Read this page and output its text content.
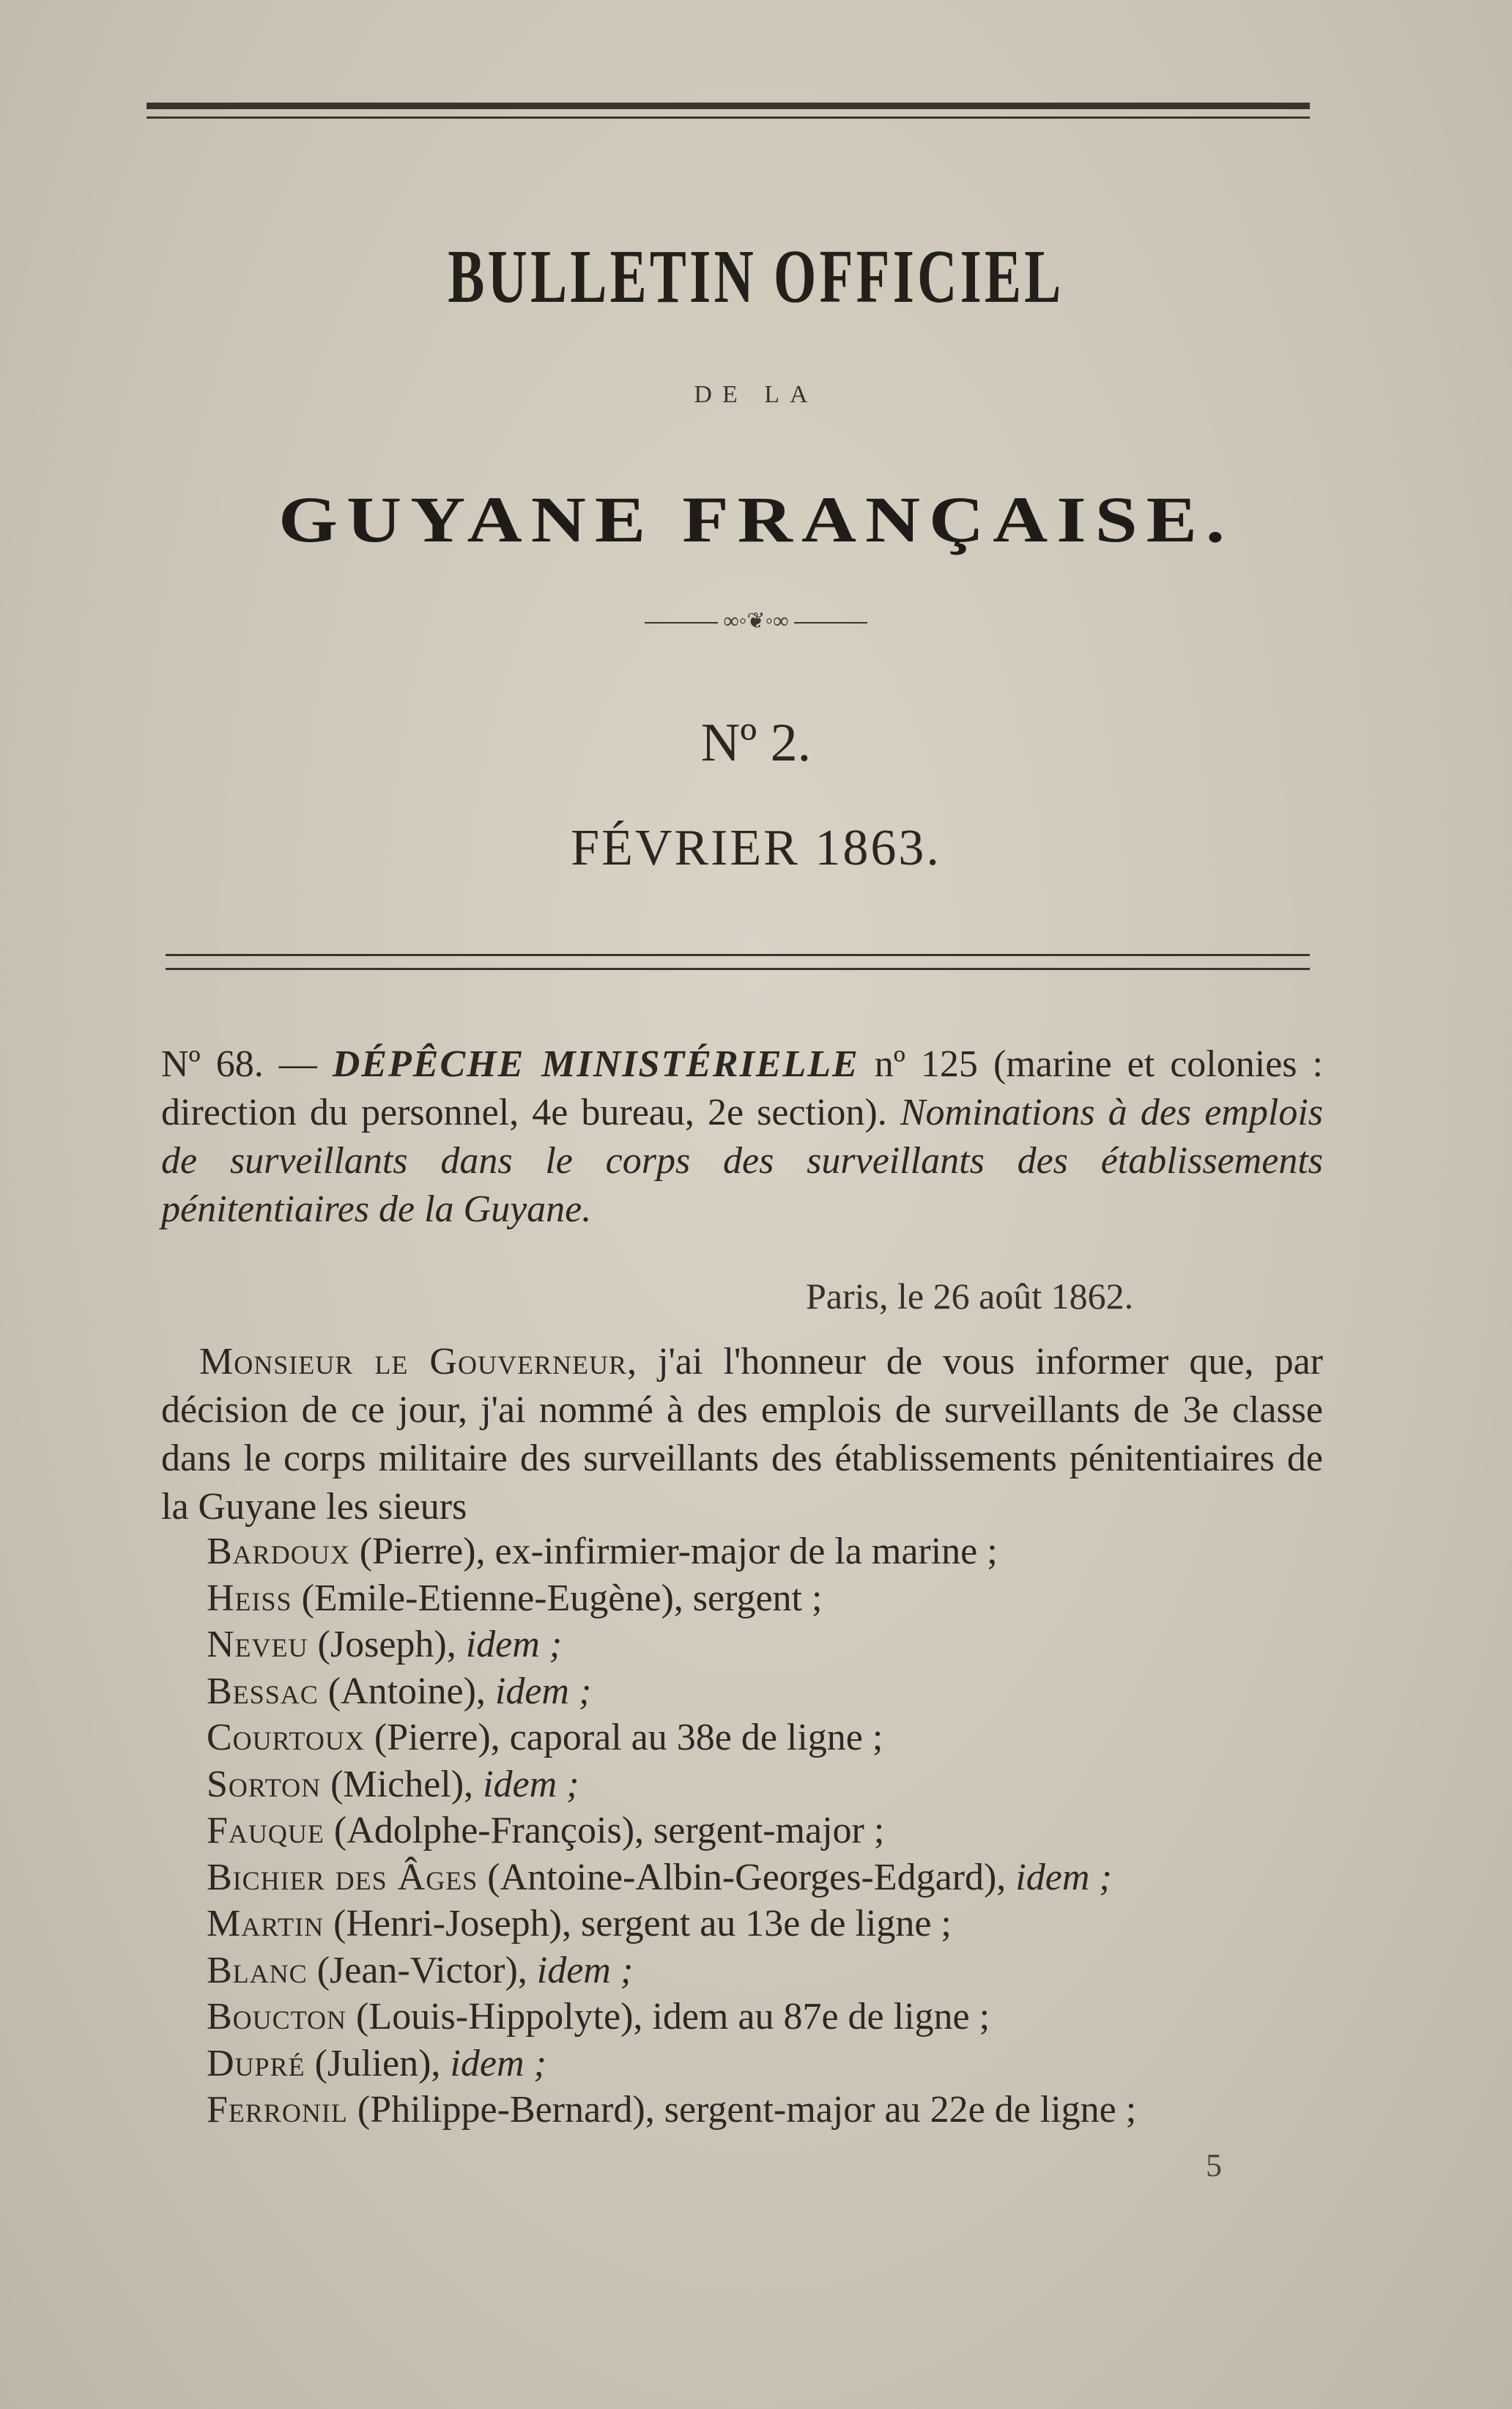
BULLETIN OFFICIEL
DE LA
GUYANE FRANÇAISE.
∞◦❦◦∞
Nº 2.
FÉVRIER 1863.
Nº 68. — DÉPÊCHE MINISTÉRIELLE nº 125 (marine et colonies : direction du personnel, 4e bureau, 2e section). Nominations à des emplois de surveillants dans le corps des surveillants des établissements pénitentiaires de la Guyane.
Paris, le 26 août 1862.
Monsieur le Gouverneur, j'ai l'honneur de vous informer que, par décision de ce jour, j'ai nommé à des emplois de surveillants de 3e classe dans le corps militaire des surveillants des établissements pénitentiaires de la Guyane les sieurs
Bardoux (Pierre), ex-infirmier-major de la marine ;
Heiss (Emile-Etienne-Eugène), sergent ;
Neveu (Joseph), idem ;
Bessac (Antoine), idem ;
Courtoux (Pierre), caporal au 38e de ligne ;
Sorton (Michel), idem ;
Fauque (Adolphe-François), sergent-major ;
Bichier des Âges (Antoine-Albin-Georges-Edgard), idem ;
Martin (Henri-Joseph), sergent au 13e de ligne ;
Blanc (Jean-Victor), idem ;
Boucton (Louis-Hippolyte), idem au 87e de ligne ;
Dupré (Julien), idem ;
Ferronil (Philippe-Bernard), sergent-major au 22e de ligne ;
5
